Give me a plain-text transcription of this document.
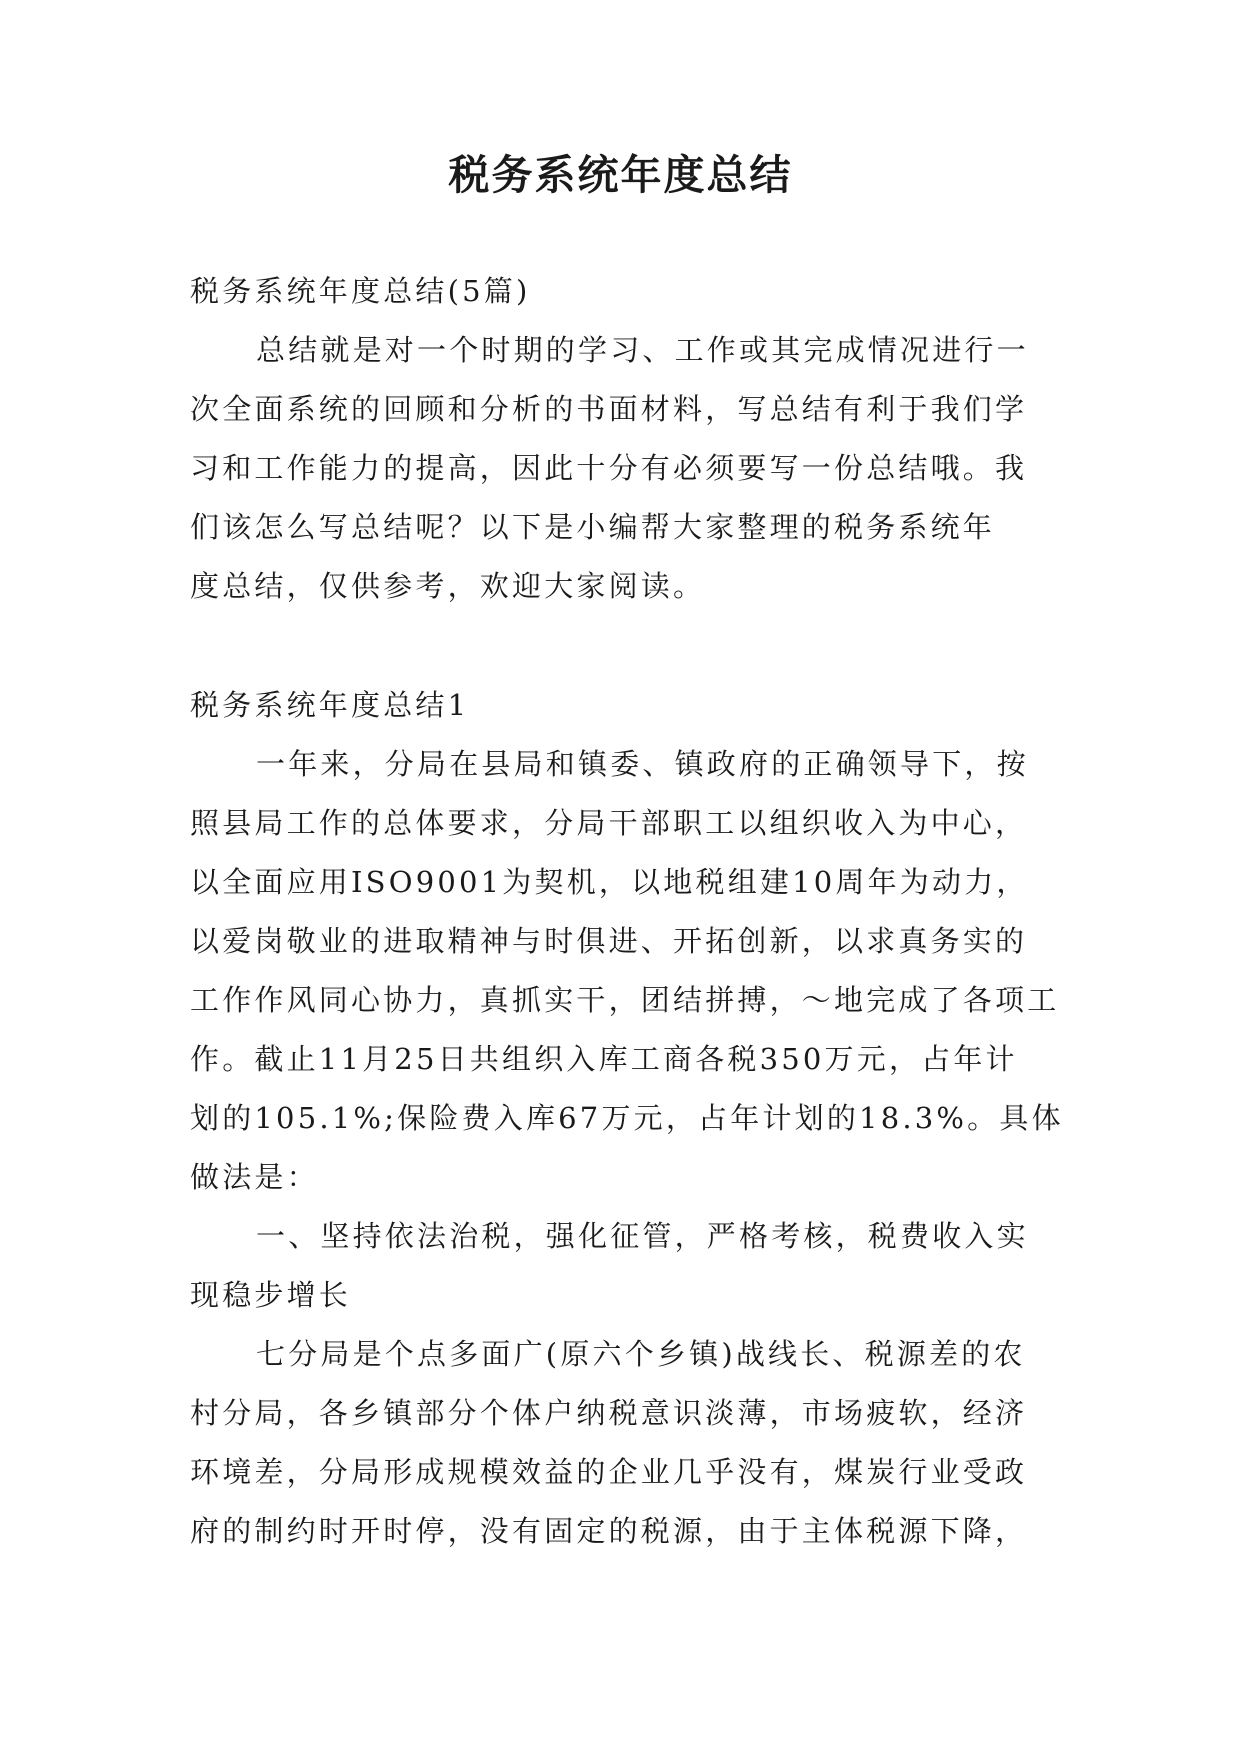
税务系统年度总结
税务系统年度总结(5篇)
总结就是对一个时期的学习、工作或其完成情况进行一
次全面系统的回顾和分析的书面材料，写总结有利于我们学
习和工作能力的提高，因此十分有必须要写一份总结哦。我
们该怎么写总结呢？以下是小编帮大家整理的税务系统年
度总结，仅供参考，欢迎大家阅读。
税务系统年度总结1
一年来，分局在县局和镇委、镇政府的正确领导下，按
照县局工作的总体要求，分局干部职工以组织收入为中心，
以全面应用ISO9001为契机，以地税组建10周年为动力，
以爱岗敬业的进取精神与时俱进、开拓创新，以求真务实的
工作作风同心协力，真抓实干，团结拼搏，～地完成了各项工
作。截止11月25日共组织入库工商各税350万元，占年计
划的105.1%;保险费入库67万元，占年计划的18.3%。具体
做法是：
一、坚持依法治税，强化征管，严格考核，税费收入实
现稳步增长
七分局是个点多面广(原六个乡镇)战线长、税源差的农
村分局，各乡镇部分个体户纳税意识淡薄，市场疲软，经济
环境差，分局形成规模效益的企业几乎没有，煤炭行业受政
府的制约时开时停，没有固定的税源，由于主体税源下降，
